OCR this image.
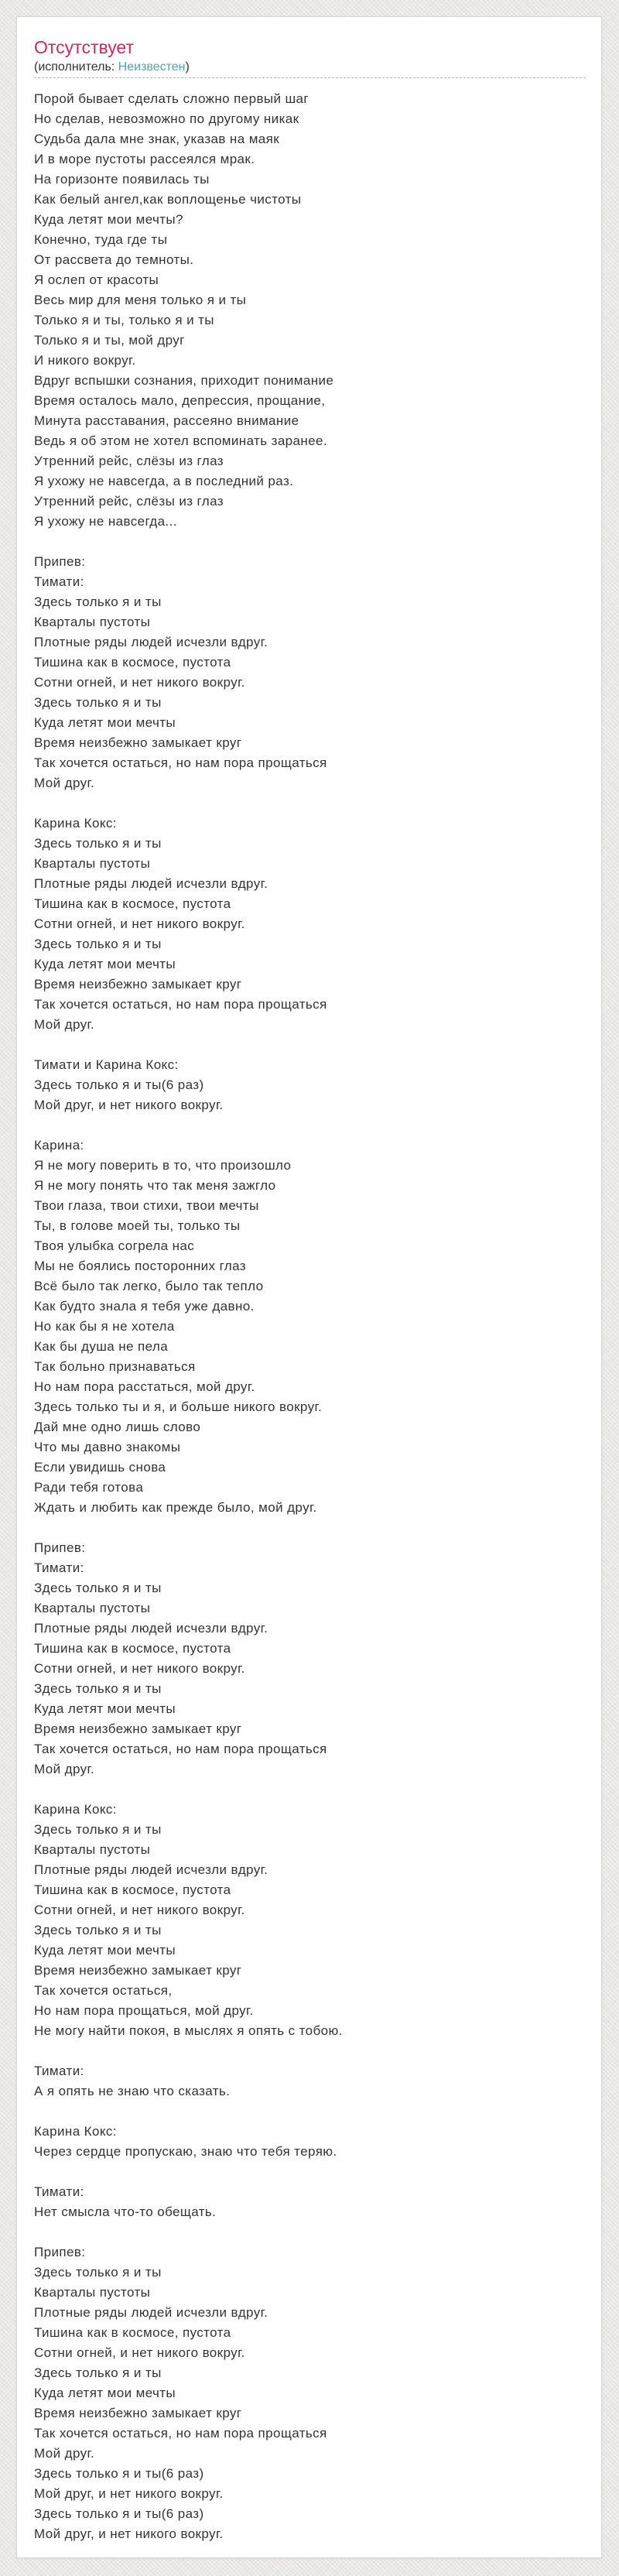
Отсутствует
(исполнитель: Неизвестен)
Порой бывает сделать сложно первый шаг
Но сделав, невозможно по другому никак
Судьба дала мне знак, указав на маяк
И в море пустоты рассеялся мрак.
На горизонте появилась ты
Как белый ангел,как воплощенье чистоты
Куда летят мои мечты?
Конечно, туда где ты
От рассвета до темноты.
Я ослеп от красоты
Весь мир для меня только я и ты
Только я и ты, только я и ты
Только я и ты, мой друг
И никого вокруг.
Вдруг вспышки сознания, приходит понимание
Время осталось мало, депрессия, прощание,
Минута расставания, рассеяно внимание
Ведь я об этом не хотел вспоминать заранее.
Утренний рейс, слёзы из глаз
Я ухожу не навсегда, а в последний раз.
Утренний рейс, слёзы из глаз
Я ухожу не навсегда...

Припев:
Тимати:
Здесь только я и ты
Кварталы пустоты
Плотные ряды людей исчезли вдруг.
Тишина как в космосе, пустота
Сотни огней, и нет никого вокруг.
Здесь только я и ты
Куда летят мои мечты
Время неизбежно замыкает круг
Так хочется остаться, но нам пора прощаться
Мой друг.

Карина Кокс:
Здесь только я и ты
Кварталы пустоты
Плотные ряды людей исчезли вдруг.
Тишина как в космосе, пустота
Сотни огней, и нет никого вокруг.
Здесь только я и ты
Куда летят мои мечты
Время неизбежно замыкает круг
Так хочется остаться, но нам пора прощаться
Мой друг.

Тимати и Карина Кокс:
Здесь только я и ты(6 раз)
Мой друг, и нет никого вокруг.

Карина:
Я не могу поверить в то, что произошло
Я не могу понять что так меня зажгло
Твои глаза, твои стихи, твои мечты
Ты, в голове моей ты, только ты
Твоя улыбка согрела нас
Мы не боялись посторонних глаз
Всё было так легко, было так тепло
Как будто знала я тебя уже давно.
Но как бы я не хотела
Как бы душа не пела
Так больно признаваться
Но нам пора расстаться, мой друг.
Здесь только ты и я, и больше никого вокруг.
Дай мне одно лишь слово
Что мы давно знакомы
Если увидишь снова
Ради тебя готова
Ждать и любить как прежде было, мой друг.

Припев:
Тимати:
Здесь только я и ты
Кварталы пустоты
Плотные ряды людей исчезли вдруг.
Тишина как в космосе, пустота
Сотни огней, и нет никого вокруг.
Здесь только я и ты
Куда летят мои мечты
Время неизбежно замыкает круг
Так хочется остаться, но нам пора прощаться
Мой друг.

Карина Кокс:
Здесь только я и ты
Кварталы пустоты
Плотные ряды людей исчезли вдруг.
Тишина как в космосе, пустота
Сотни огней, и нет никого вокруг.
Здесь только я и ты
Куда летят мои мечты
Время неизбежно замыкает круг
Так хочется остаться,
Но нам пора прощаться, мой друг.
Не могу найти покоя, в мыслях я опять с тобою.

Тимати:
А я опять не знаю что сказать.

Карина Кокс:
Через сердце пропускаю, знаю что тебя теряю.

Тимати:
Нет смысла что-то обещать.

Припев:
Здесь только я и ты
Кварталы пустоты
Плотные ряды людей исчезли вдруг.
Тишина как в космосе, пустота
Сотни огней, и нет никого вокруг.
Здесь только я и ты
Куда летят мои мечты
Время неизбежно замыкает круг
Так хочется остаться, но нам пора прощаться
Мой друг.
Здесь только я и ты(6 раз)
Мой друг, и нет никого вокруг.
Здесь только я и ты(6 раз)
Мой друг, и нет никого вокруг.
